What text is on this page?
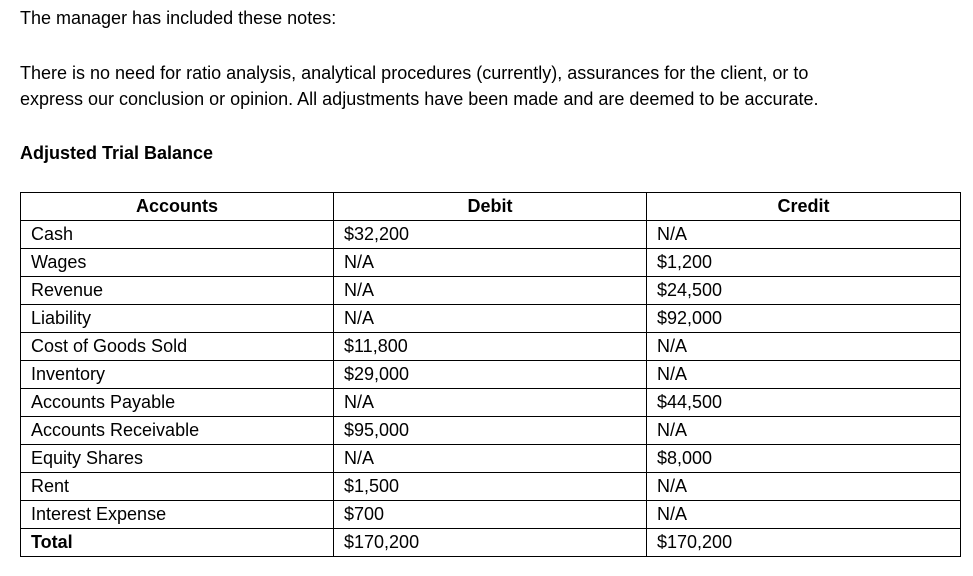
The manager has included these notes:
There is no need for ratio analysis, analytical procedures (currently), assurances for the client, or to
express our conclusion or opinion. All adjustments have been made and are deemed to be accurate.
Adjusted Trial Balance
Accounts	Debit	Credit
Cash	$32,200	N/A
Wages	N/A	$1,200
Revenue	N/A	$24,500
Liability	N/A	$92,000
Cost of Goods Sold	$11,800	N/A
Inventory	$29,000	N/A
Accounts Payable	N/A	$44,500
Accounts Receivable	$95,000	N/A
Equity Shares	N/A	$8,000
Rent	$1,500	N/A
Interest Expense	$700	N/A
Total	$170,200	$170,200
